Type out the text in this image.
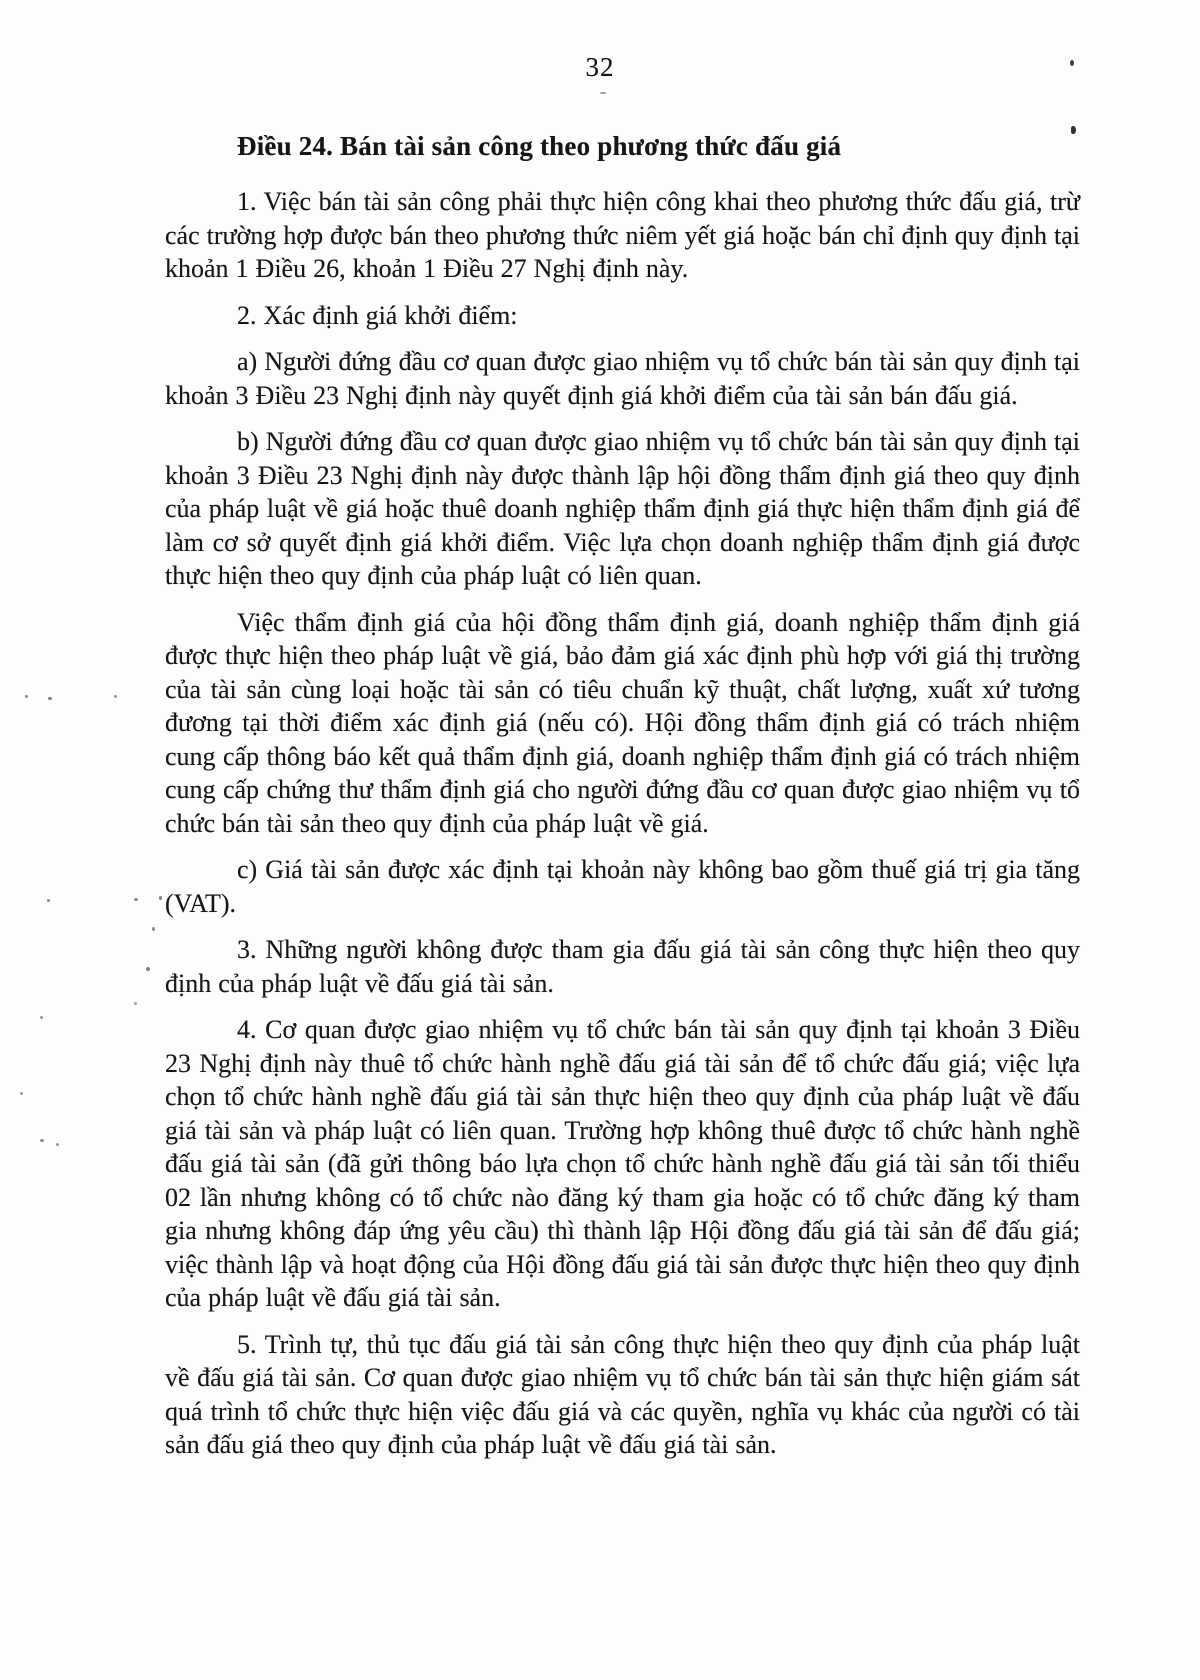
32
Điều 24. Bán tài sản công theo phương thức đấu giá

1. Việc bán tài sản công phải thực hiện công khai theo phương thức đấu giá, trừ các trường hợp được bán theo phương thức niêm yết giá hoặc bán chỉ định quy định tại khoản 1 Điều 26, khoản 1 Điều 27 Nghị định này.

2. Xác định giá khởi điểm:

a) Người đứng đầu cơ quan được giao nhiệm vụ tổ chức bán tài sản quy định tại khoản 3 Điều 23 Nghị định này quyết định giá khởi điểm của tài sản bán đấu giá.

b) Người đứng đầu cơ quan được giao nhiệm vụ tổ chức bán tài sản quy định tại khoản 3 Điều 23 Nghị định này được thành lập hội đồng thẩm định giá theo quy định của pháp luật về giá hoặc thuê doanh nghiệp thẩm định giá thực hiện thẩm định giá để làm cơ sở quyết định giá khởi điểm. Việc lựa chọn doanh nghiệp thẩm định giá được thực hiện theo quy định của pháp luật có liên quan.

Việc thẩm định giá của hội đồng thẩm định giá, doanh nghiệp thẩm định giá được thực hiện theo pháp luật về giá, bảo đảm giá xác định phù hợp với giá thị trường của tài sản cùng loại hoặc tài sản có tiêu chuẩn kỹ thuật, chất lượng, xuất xứ tương đương tại thời điểm xác định giá (nếu có). Hội đồng thẩm định giá có trách nhiệm cung cấp thông báo kết quả thẩm định giá, doanh nghiệp thẩm định giá có trách nhiệm cung cấp chứng thư thẩm định giá cho người đứng đầu cơ quan được giao nhiệm vụ tổ chức bán tài sản theo quy định của pháp luật về giá.

c) Giá tài sản được xác định tại khoản này không bao gồm thuế giá trị gia tăng (VAT).

3. Những người không được tham gia đấu giá tài sản công thực hiện theo quy định của pháp luật về đấu giá tài sản.

4. Cơ quan được giao nhiệm vụ tổ chức bán tài sản quy định tại khoản 3 Điều 23 Nghị định này thuê tổ chức hành nghề đấu giá tài sản để tổ chức đấu giá; việc lựa chọn tổ chức hành nghề đấu giá tài sản thực hiện theo quy định của pháp luật về đấu giá tài sản và pháp luật có liên quan. Trường hợp không thuê được tổ chức hành nghề đấu giá tài sản (đã gửi thông báo lựa chọn tổ chức hành nghề đấu giá tài sản tối thiểu 02 lần nhưng không có tổ chức nào đăng ký tham gia hoặc có tổ chức đăng ký tham gia nhưng không đáp ứng yêu cầu) thì thành lập Hội đồng đấu giá tài sản để đấu giá; việc thành lập và hoạt động của Hội đồng đấu giá tài sản được thực hiện theo quy định của pháp luật về đấu giá tài sản.

5. Trình tự, thủ tục đấu giá tài sản công thực hiện theo quy định của pháp luật về đấu giá tài sản. Cơ quan được giao nhiệm vụ tổ chức bán tài sản thực hiện giám sát quá trình tổ chức thực hiện việc đấu giá và các quyền, nghĩa vụ khác của người có tài sản đấu giá theo quy định của pháp luật về đấu giá tài sản.
